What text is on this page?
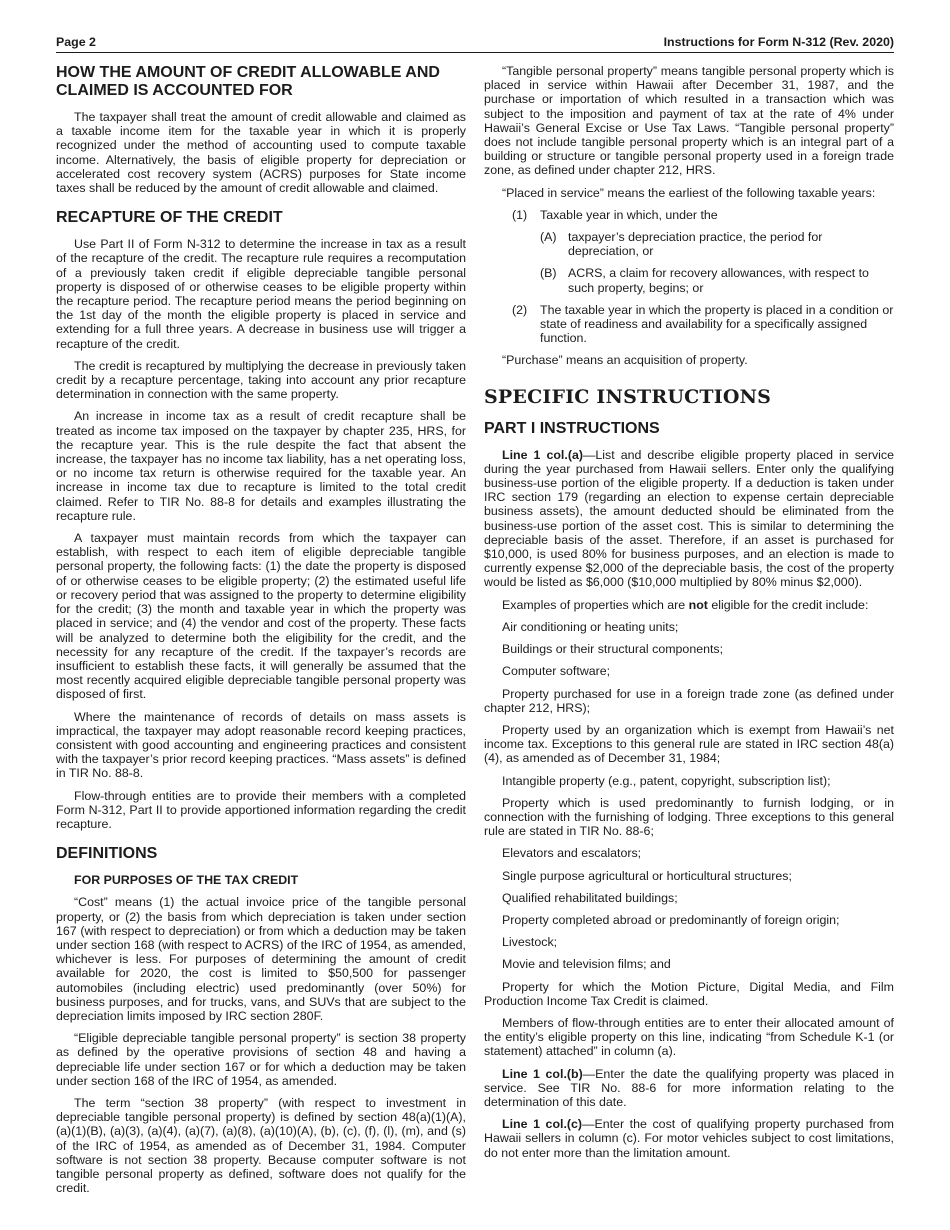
Page 2	Instructions for Form N-312 (Rev. 2020)
HOW THE AMOUNT OF CREDIT ALLOWABLE AND CLAIMED IS ACCOUNTED FOR

The taxpayer shall treat the amount of credit allowable and claimed as a taxable income item for the taxable year in which it is properly recognized under the method of accounting used to compute taxable income. Alternatively, the basis of eligible property for depreciation or accelerated cost recovery system (ACRS) purposes for State income taxes shall be reduced by the amount of credit allowable and claimed.

RECAPTURE OF THE CREDIT

Use Part II of Form N-312 to determine the increase in tax as a result of the recapture of the credit. The recapture rule requires a recomputation of a previously taken credit if eligible depreciable tangible personal property is disposed of or otherwise ceases to be eligible property within the recapture period. The recapture period means the period beginning on the 1st day of the month the eligible property is placed in service and extending for a full three years. A decrease in business use will trigger a recapture of the credit.

The credit is recaptured by multiplying the decrease in previously taken credit by a recapture percentage, taking into account any prior recapture determination in connection with the same property.

An increase in income tax as a result of credit recapture shall be treated as income tax imposed on the taxpayer by chapter 235, HRS, for the recapture year. This is the rule despite the fact that absent the increase, the taxpayer has no income tax liability, has a net operating loss, or no income tax return is otherwise required for the taxable year. An increase in income tax due to recapture is limited to the total credit claimed. Refer to TIR No. 88-8 for details and examples illustrating the recapture rule.

A taxpayer must maintain records from which the taxpayer can establish, with respect to each item of eligible depreciable tangible personal property, the following facts: (1) the date the property is disposed of or otherwise ceases to be eligible property; (2) the estimated useful life or recovery period that was assigned to the property to determine eligibility for the credit; (3) the month and taxable year in which the property was placed in service; and (4) the vendor and cost of the property. These facts will be analyzed to determine both the eligibility for the credit, and the necessity for any recapture of the credit. If the taxpayer’s records are insufficient to establish these facts, it will generally be assumed that the most recently acquired eligible depreciable tangible personal property was disposed of first.

Where the maintenance of records of details on mass assets is impractical, the taxpayer may adopt reasonable record keeping practices, consistent with good accounting and engineering practices and consistent with the taxpayer’s prior record keeping practices. “Mass assets” is defined in TIR No. 88-8.

Flow-through entities are to provide their members with a completed Form N-312, Part II to provide apportioned information regarding the credit recapture.

DEFINITIONS
FOR PURPOSES OF THE TAX CREDIT

“Cost” means (1) the actual invoice price of the tangible personal property, or (2) the basis from which depreciation is taken under section 167 (with respect to depreciation) or from which a deduction may be taken under section 168 (with respect to ACRS) of the IRC of 1954, as amended, whichever is less. For purposes of determining the amount of credit available for 2020, the cost is limited to $50,500 for passenger automobiles (including electric) used predominantly (over 50%) for business purposes, and for trucks, vans, and SUVs that are subject to the depreciation limits imposed by IRC section 280F.

“Eligible depreciable tangible personal property” is section 38 property as defined by the operative provisions of section 48 and having a depreciable life under section 167 or for which a deduction may be taken under section 168 of the IRC of 1954, as amended.

The term “section 38 property” (with respect to investment in depreciable tangible personal property) is defined by section 48(a)(1)(A), (a)(1)(B), (a)(3), (a)(4), (a)(7), (a)(8), (a)(10)(A), (b), (c), (f), (l), (m), and (s) of the IRC of 1954, as amended as of December 31, 1984. Computer software is not section 38 property. Because computer software is not tangible personal property as defined, software does not qualify for the credit.

“Tangible personal property” means tangible personal property which is placed in service within Hawaii after December 31, 1987, and the purchase or importation of which resulted in a transaction which was subject to the imposition and payment of tax at the rate of 4% under Hawaii’s General Excise or Use Tax Laws. “Tangible personal property” does not include tangible personal property which is an integral part of a building or structure or tangible personal property used in a foreign trade zone, as defined under chapter 212, HRS.

“Placed in service” means the earliest of the following taxable years:

(1) Taxable year in which, under the
(A) taxpayer’s depreciation practice, the period for depreciation, or
(B) ACRS, a claim for recovery allowances, with respect to such property, begins; or
(2) The taxable year in which the property is placed in a condition or state of readiness and availability for a specifically assigned function.

“Purchase” means an acquisition of property.

SPECIFIC INSTRUCTIONS
PART I INSTRUCTIONS

Line 1 col.(a)—List and describe eligible property placed in service during the year purchased from Hawaii sellers. Enter only the qualifying business-use portion of the eligible property. If a deduction is taken under IRC section 179 (regarding an election to expense certain depreciable business assets), the amount deducted should be eliminated from the business-use portion of the asset cost. This is similar to determining the depreciable basis of the asset. Therefore, if an asset is purchased for $10,000, is used 80% for business purposes, and an election is made to currently expense $2,000 of the depreciable basis, the cost of the property would be listed as $6,000 ($10,000 multiplied by 80% minus $2,000).

Examples of properties which are not eligible for the credit include:

Air conditioning or heating units;

Buildings or their structural components;

Computer software;

Property purchased for use in a foreign trade zone (as defined under chapter 212, HRS);

Property used by an organization which is exempt from Hawaii’s net income tax. Exceptions to this general rule are stated in IRC section 48(a)(4), as amended as of December 31, 1984;

Intangible property (e.g., patent, copyright, subscription list);

Property which is used predominantly to furnish lodging, or in connection with the furnishing of lodging. Three exceptions to this general rule are stated in TIR No. 88-6;

Elevators and escalators;

Single purpose agricultural or horticultural structures;

Qualified rehabilitated buildings;

Property completed abroad or predominantly of foreign origin;

Livestock;

Movie and television films; and

Property for which the Motion Picture, Digital Media, and Film Production Income Tax Credit is claimed.

Members of flow-through entities are to enter their allocated amount of the entity’s eligible property on this line, indicating “from Schedule K-1 (or statement) attached” in column (a).

Line 1 col.(b)—Enter the date the qualifying property was placed in service. See TIR No. 88-6 for more information relating to the determination of this date.

Line 1 col.(c)—Enter the cost of qualifying property purchased from Hawaii sellers in column (c). For motor vehicles subject to cost limitations, do not enter more than the limitation amount.
